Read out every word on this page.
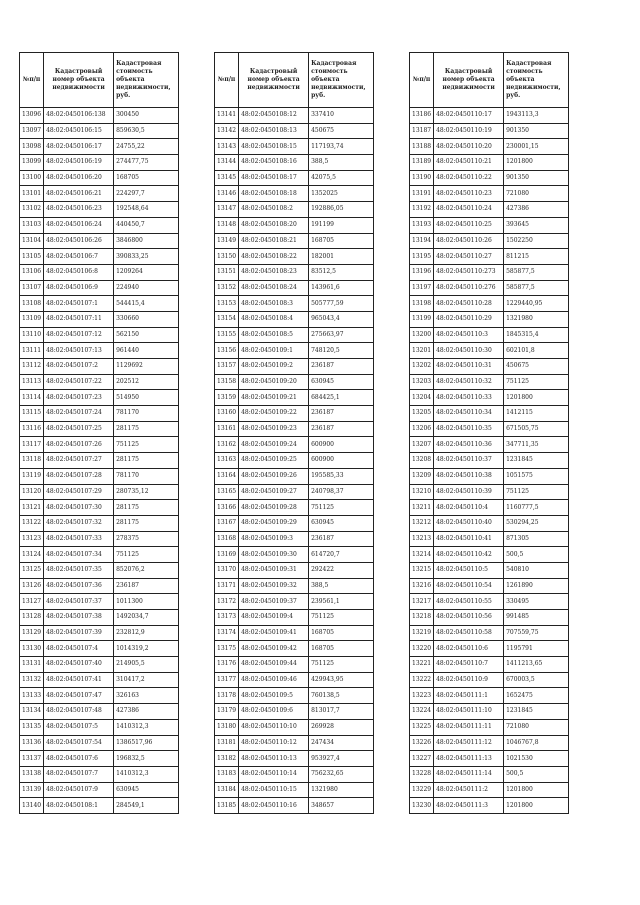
№п/п	Кадастровый номер объекта недвижимости	Кадастровая стоимость объекта недвижимости, руб.
13096	48:02:0450106:138	300450
13097	48:02:0450106:15	859630,5
13098	48:02:0450106:17	24755,22
13099	48:02:0450106:19	274477,75
13100	48:02:0450106:20	168705
13101	48:02:0450106:21	224297,7
13102	48:02:0450106:23	192548,64
13103	48:02:0450106:24	440450,7
13104	48:02:0450106:26	3846800
13105	48:02:0450106:7	390833,25
13106	48:02:0450106:8	1209264
13107	48:02:0450106:9	224940
13108	48:02:0450107:1	544415,4
13109	48:02:0450107:11	330660
13110	48:02:0450107:12	562150
13111	48:02:0450107:13	961440
13112	48:02:0450107:2	1129692
13113	48:02:0450107:22	202512
13114	48:02:0450107:23	514950
13115	48:02:0450107:24	781170
13116	48:02:0450107:25	281175
13117	48:02:0450107:26	751125
13118	48:02:0450107:27	281175
13119	48:02:0450107:28	781170
13120	48:02:0450107:29	280735,12
13121	48:02:0450107:30	281175
13122	48:02:0450107:32	281175
13123	48:02:0450107:33	278375
13124	48:02:0450107:34	751125
13125	48:02:0450107:35	852076,2
13126	48:02:0450107:36	236187
13127	48:02:0450107:37	1011300
13128	48:02:0450107:38	1492034,7
13129	48:02:0450107:39	232812,9
13130	48:02:0450107:4	1014319,2
13131	48:02:0450107:40	214905,5
13132	48:02:0450107:41	310417,2
13133	48:02:0450107:47	326163
13134	48:02:0450107:48	427386
13135	48:02:0450107:5	1410312,3
13136	48:02:0450107:54	1386517,96
13137	48:02:0450107:6	196832,5
13138	48:02:0450107:7	1410312,3
13139	48:02:0450107:9	630945
13140	48:02:0450108:1	284549,1
№п/п	Кадастровый номер объекта недвижимости	Кадастровая стоимость объекта недвижимости, руб.
13141	48:02:0450108:12	337410
13142	48:02:0450108:13	450675
13143	48:02:0450108:15	117193,74
13144	48:02:0450108:16	388,5
13145	48:02:0450108:17	42075,5
13146	48:02:0450108:18	1352025
13147	48:02:0450108:2	192886,05
13148	48:02:0450108:20	191199
13149	48:02:0450108:21	168705
13150	48:02:0450108:22	182001
13151	48:02:0450108:23	83512,5
13152	48:02:0450108:24	143961,6
13153	48:02:0450108:3	505777,59
13154	48:02:0450108:4	965043,4
13155	48:02:0450108:5	275663,97
13156	48:02:0450109:1	748120,5
13157	48:02:0450109:2	236187
13158	48:02:0450109:20	630945
13159	48:02:0450109:21	684425,1
13160	48:02:0450109:22	236187
13161	48:02:0450109:23	236187
13162	48:02:0450109:24	600900
13163	48:02:0450109:25	600900
13164	48:02:0450109:26	195585,33
13165	48:02:0450109:27	240798,37
13166	48:02:0450109:28	751125
13167	48:02:0450109:29	630945
13168	48:02:0450109:3	236187
13169	48:02:0450109:30	614720,7
13170	48:02:0450109:31	292422
13171	48:02:0450109:32	388,5
13172	48:02:0450109:37	239561,1
13173	48:02:0450109:4	751125
13174	48:02:0450109:41	168705
13175	48:02:0450109:42	168705
13176	48:02:0450109:44	751125
13177	48:02:0450109:46	429943,95
13178	48:02:0450109:5	760138,5
13179	48:02:0450109:6	813017,7
13180	48:02:0450110:10	269928
13181	48:02:0450110:12	247434
13182	48:02:0450110:13	953927,4
13183	48:02:0450110:14	756232,65
13184	48:02:0450110:15	1321980
13185	48:02:0450110:16	348657
№п/п	Кадастровый номер объекта недвижимости	Кадастровая стоимость объекта недвижимости, руб.
13186	48:02:0450110:17	1943113,3
13187	48:02:0450110:19	901350
13188	48:02:0450110:20	230001,15
13189	48:02:0450110:21	1201800
13190	48:02:0450110:22	901350
13191	48:02:0450110:23	721080
13192	48:02:0450110:24	427386
13193	48:02:0450110:25	393645
13194	48:02:0450110:26	1502250
13195	48:02:0450110:27	811215
13196	48:02:0450110:273	585877,5
13197	48:02:0450110:276	585877,5
13198	48:02:0450110:28	1229440,95
13199	48:02:0450110:29	1321980
13200	48:02:0450110:3	1845315,4
13201	48:02:0450110:30	602101,8
13202	48:02:0450110:31	450675
13203	48:02:0450110:32	751125
13204	48:02:0450110:33	1201800
13205	48:02:0450110:34	1412115
13206	48:02:0450110:35	671505,75
13207	48:02:0450110:36	347711,35
13208	48:02:0450110:37	1231845
13209	48:02:0450110:38	1051575
13210	48:02:0450110:39	751125
13211	48:02:0450110:4	1160777,5
13212	48:02:0450110:40	530294,25
13213	48:02:0450110:41	871305
13214	48:02:0450110:42	500,5
13215	48:02:0450110:5	540810
13216	48:02:0450110:54	1261890
13217	48:02:0450110:55	330495
13218	48:02:0450110:56	991485
13219	48:02:0450110:58	707559,75
13220	48:02:0450110:6	1195791
13221	48:02:0450110:7	1411213,65
13222	48:02:0450110:9	670003,5
13223	48:02:0450111:1	1652475
13224	48:02:0450111:10	1231845
13225	48:02:0450111:11	721080
13226	48:02:0450111:12	1046767,8
13227	48:02:0450111:13	1021530
13228	48:02:0450111:14	500,5
13229	48:02:0450111:2	1201800
13230	48:02:0450111:3	1201800
